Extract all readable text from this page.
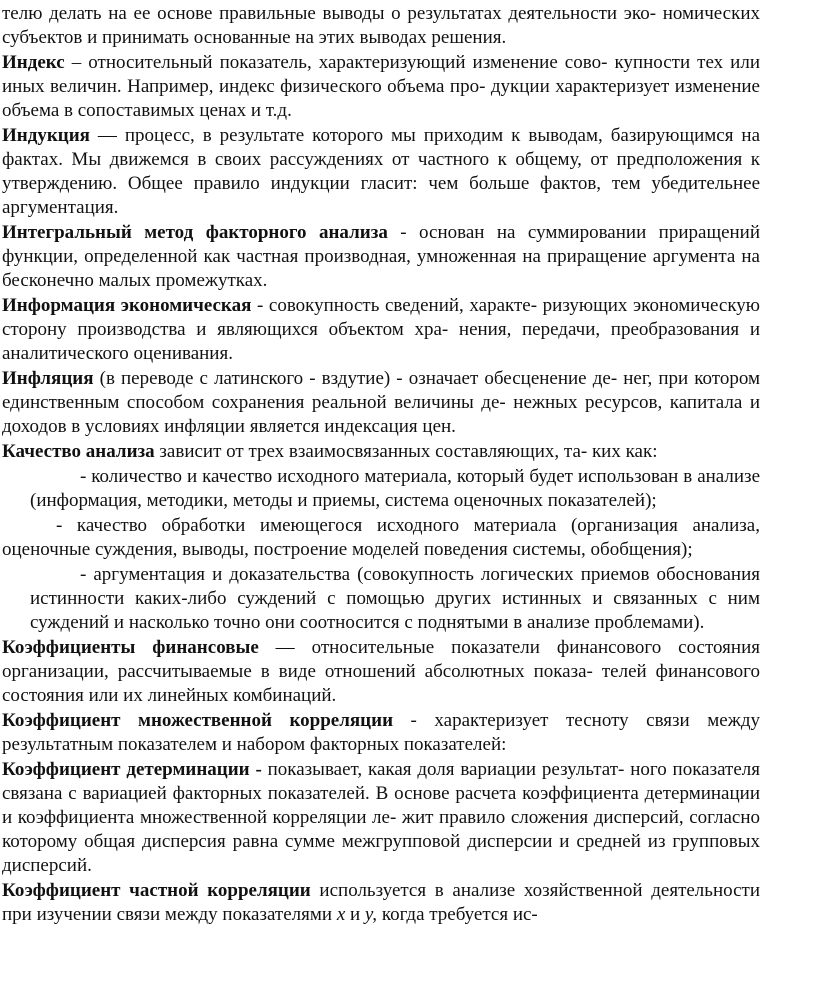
телю делать на ее основе правильные выводы о результатах деятельности эко- номических субъектов и принимать основанные на этих выводах решения.

Индекс – относительный показатель, характеризующий изменение сово- купности тех или иных величин. Например, индекс физического объема про- дукции характеризует изменение объема в сопоставимых ценах и т.д.

Индукция — процесс, в результате которого мы приходим к выводам, базирующимся на фактах. Мы движемся в своих рассуждениях от частного к общему, от предположения к утверждению. Общее правило индукции гласит: чем больше фактов, тем убедительнее аргументация.

Интегральный метод факторного анализа - основан на суммировании приращений функции, определенной как частная производная, умноженная на приращение аргумента на бесконечно малых промежутках.

Информация экономическая - совокупность сведений, характе- ризующих экономическую сторону производства и являющихся объектом хра- нения, передачи, преобразования и аналитического оценивания.

Инфляция (в переводе с латинского - вздутие) - означает обесценение де- нег, при котором единственным способом сохранения реальной величины де- нежных ресурсов, капитала и доходов в условиях инфляции является индексация цен.

Качество анализа зависит от трех взаимосвязанных составляющих, та- ких как:

- количество и качество исходного материала, который будет использован в анализе (информация, методики, методы и приемы, система оценочных показателей);

- качество обработки имеющегося исходного материала (организация анализа, оценочные суждения, выводы, построение моделей поведения системы, обобщения);

- аргументация и доказательства (совокупность логических приемов обоснования истинности каких-либо суждений с помощью других истинных и связанных с ним суждений и насколько точно они соотносится с поднятыми в анализе проблемами).

Коэффициенты финансовые — относительные показатели финансового состояния организации, рассчитываемые в виде отношений абсолютных показа- телей финансового состояния или их линейных комбинаций.

Коэффициент множественной корреляции - характеризует тесноту связи между результатным показателем и набором факторных показателей:

Коэффициент детерминации - показывает, какая доля вариации результат- ного показателя связана с вариацией факторных показателей. В основе расчета коэффициента детерминации и коэффициента множественной корреляции ле- жит правило сложения дисперсий, согласно которому общая дисперсия равна сумме межгрупповой дисперсии и средней из групповых дисперсий.

Коэффициент частной корреляции используется в анализе хозяйственной деятельности при изучении связи между показателями x и y, когда требуется ис-
